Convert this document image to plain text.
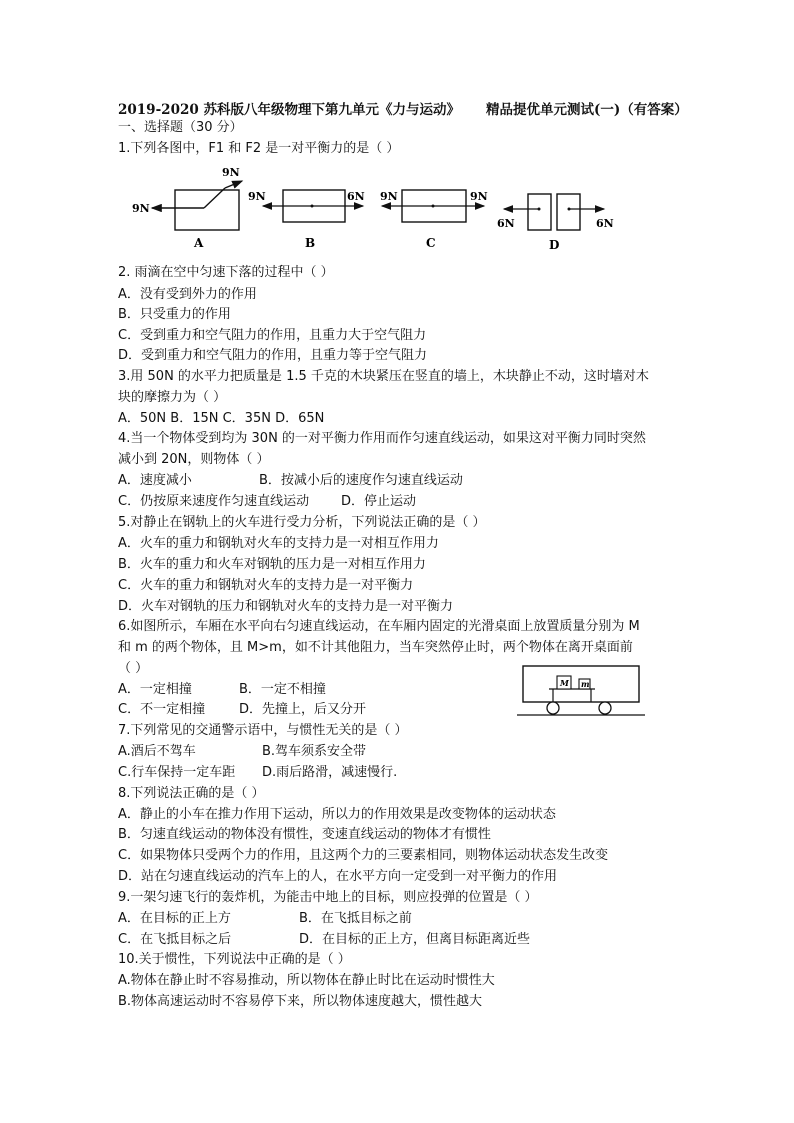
2019-2020 苏科版八年级物理下第九单元《力与运动》 精品提优单元测试(一)（有答案）
一、选择题（30 分）
1.下列各图中，F1 和 F2 是一对平衡力的是（ ）
9N
9N
A
9N	6N
B
9N	9N
C
6N	6N
D
2. 雨滴在空中匀速下落的过程中（ ）
A．没有受到外力的作用
B．只受重力的作用
C．受到重力和空气阻力的作用，且重力大于空气阻力
D．受到重力和空气阻力的作用，且重力等于空气阻力
3.用 50N 的水平力把质量是 1.5 千克的木块紧压在竖直的墙上，木块静止不动，这时墙对木
块的摩擦力为（ ）
A．50N B．15N C．35N D．65N
4.当一个物体受到均为 30N 的一对平衡力作用而作匀速直线运动，如果这对平衡力同时突然
减小到 20N，则物体（ ）
A．速度减小	B．按减小后的速度作匀速直线运动
C．仍按原来速度作匀速直线运动 D．停止运动
5.对静止在钢轨上的火车进行受力分析，下列说法正确的是（ ）
A．火车的重力和钢轨对火车的支持力是一对相互作用力
B．火车的重力和火车对钢轨的压力是一对相互作用力
C．火车的重力和钢轨对火车的支持力是一对平衡力
D．火车对钢轨的压力和钢轨对火车的支持力是一对平衡力
6.如图所示，车厢在水平向右匀速直线运动，在车厢内固定的光滑桌面上放置质量分别为 M
和 m 的两个物体，且 M>m，如不计其他阻力，当车突然停止时，两个物体在离开桌面前
（ ）
A．一定相撞	B．一定不相撞
C．不一定相撞	D．先撞上，后又分开
M m
7.下列常见的交通警示语中，与惯性无关的是（ ）
A.酒后不驾车	B.驾车须系安全带
C.行车保持一定车距 D.雨后路滑，减速慢行.
8.下列说法正确的是（ ）
A．静止的小车在推力作用下运动，所以力的作用效果是改变物体的运动状态
B．匀速直线运动的物体没有惯性，变速直线运动的物体才有惯性
C．如果物体只受两个力的作用，且这两个力的三要素相同，则物体运动状态发生改变
D．站在匀速直线运动的汽车上的人，在水平方向一定受到一对平衡力的作用
9.一架匀速飞行的轰炸机，为能击中地上的目标，则应投弹的位置是（ ）
A．在目标的正上方	B．在飞抵目标之前
C．在飞抵目标之后	D．在目标的正上方，但离目标距离近些
10.关于惯性，下列说法中正确的是（ ）
A.物体在静止时不容易推动，所以物体在静止时比在运动时惯性大
B.物体高速运动时不容易停下来，所以物体速度越大，惯性越大
